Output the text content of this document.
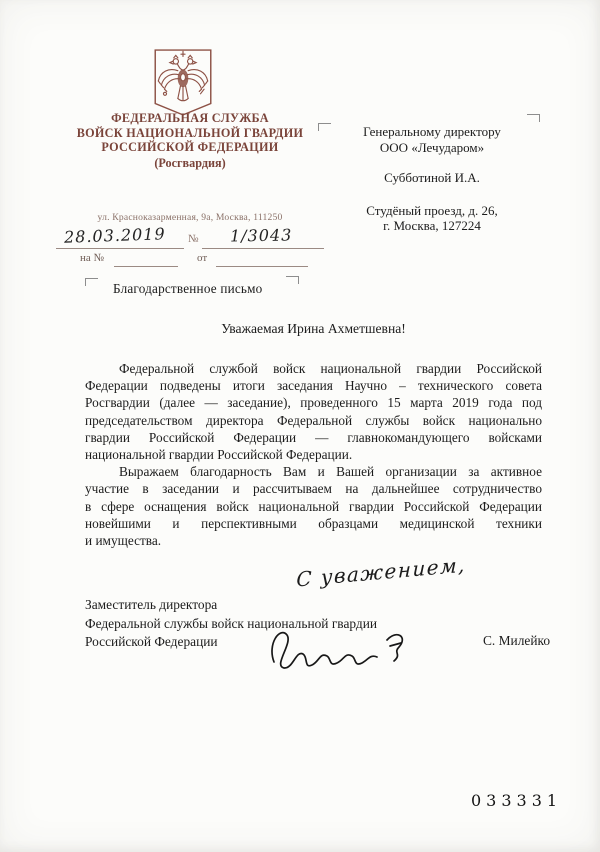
ФЕДЕРАЛЬНАЯ СЛУЖБА
ВОЙСК НАЦИОНАЛЬНОЙ ГВАРДИИ
РОССИЙСКОЙ ФЕДЕРАЦИИ
(Росгвардия)
ул. Красноказарменная, 9а, Москва, 111250
28.03.2019 № 1/3043
на №	от
Генеральному директору
ООО «Лечударом»
Субботиной И.А.
Студёный проезд, д. 26,
г. Москва, 127224
Благодарственное письмо
Уважаемая Ирина Ахметшевна!
Федеральной службой войск национальной гвардии Российской
Федерации подведены итоги заседания Научно – технического совета
Росгвардии (далее — заседание), проведенного 15 марта 2019 года под
председательством директора Федеральной службы войск национально
гвардии Российской Федерации — главнокомандующего войсками
национальной гвардии Российской Федерации.
Выражаем благодарность Вам и Вашей организации за активное
участие в заседании и рассчитываем на дальнейшее сотрудничество
в сфере оснащения войск национальной гвардии Российской Федерации
новейшими и перспективными образцами медицинской техники
и имущества.
С уважением,
Заместитель директора
Федеральной службы войск национальной гвардии
Российской Федерации	С. Милейко
033331
